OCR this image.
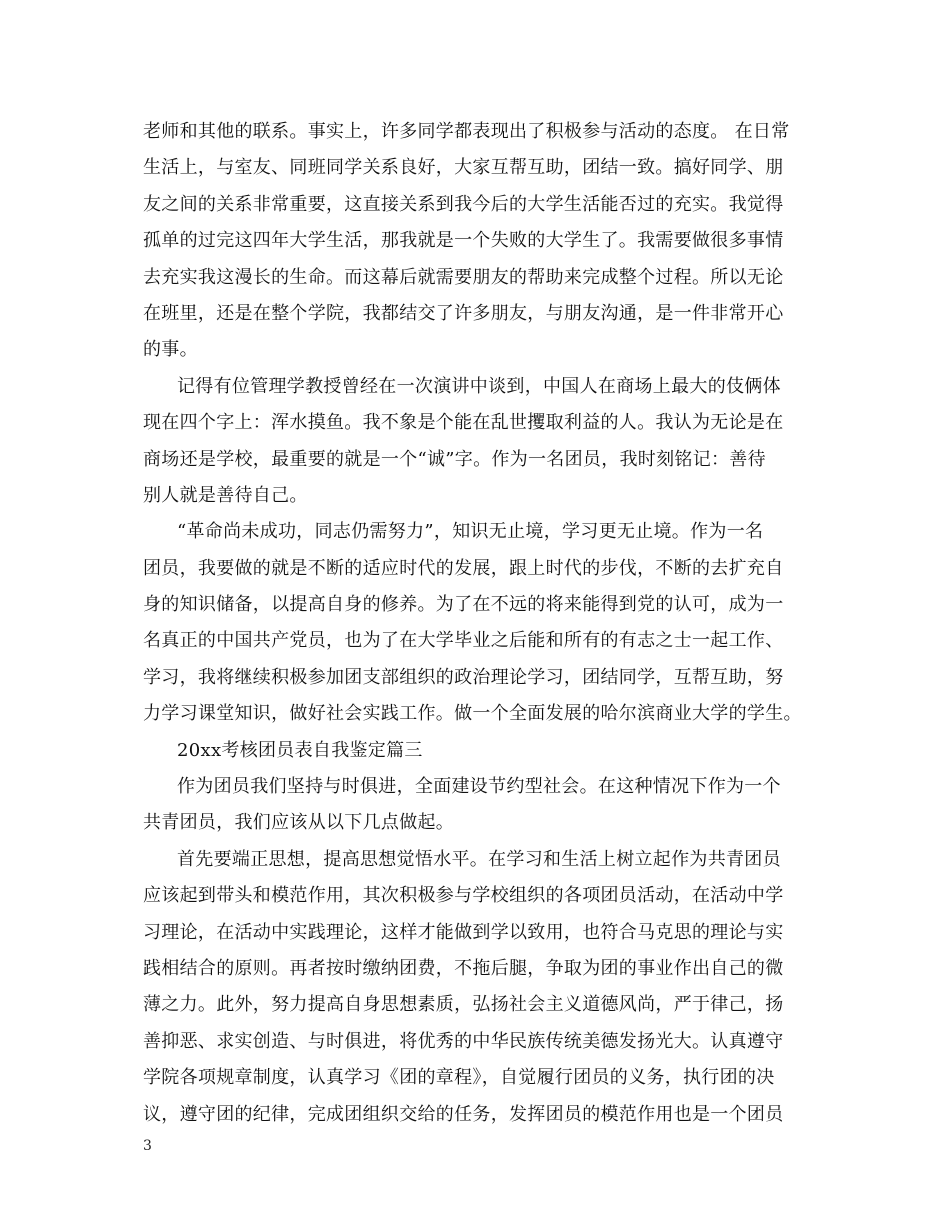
老师和其他的联系。事实上，许多同学都表现出了积极参与活动的态度。 在日常
生活上，与室友、同班同学关系良好，大家互帮互助，团结一致。搞好同学、朋
友之间的关系非常重要，这直接关系到我今后的大学生活能否过的充实。我觉得
孤单的过完这四年大学生活，那我就是一个失败的大学生了。我需要做很多事情
去充实我这漫长的生命。而这幕后就需要朋友的帮助来完成整个过程。所以无论
在班里，还是在整个学院，我都结交了许多朋友，与朋友沟通，是一件非常开心
的事。
记得有位管理学教授曾经在一次演讲中谈到，中国人在商场上最大的伎俩体
现在四个字上：浑水摸鱼。我不象是个能在乱世攫取利益的人。我认为无论是在
商场还是学校，最重要的就是一个“诚”字。作为一名团员，我时刻铭记：善待
别人就是善待自己。
“革命尚未成功，同志仍需努力”，知识无止境，学习更无止境。作为一名
团员，我要做的就是不断的适应时代的发展，跟上时代的步伐，不断的去扩充自
身的知识储备，以提高自身的修养。为了在不远的将来能得到党的认可，成为一
名真正的中国共产党员，也为了在大学毕业之后能和所有的有志之士一起工作、
学习，我将继续积极参加团支部组织的政治理论学习，团结同学，互帮互助，努
力学习课堂知识，做好社会实践工作。做一个全面发展的哈尔滨商业大学的学生。
20xx考核团员表自我鉴定篇三
作为团员我们坚持与时俱进，全面建设节约型社会。在这种情况下作为一个
共青团员，我们应该从以下几点做起。
首先要端正思想，提高思想觉悟水平。在学习和生活上树立起作为共青团员
应该起到带头和模范作用，其次积极参与学校组织的各项团员活动，在活动中学
习理论，在活动中实践理论，这样才能做到学以致用，也符合马克思的理论与实
践相结合的原则。再者按时缴纳团费，不拖后腿，争取为团的事业作出自己的微
薄之力。此外，努力提高自身思想素质，弘扬社会主义道德风尚，严于律己，扬
善抑恶、求实创造、与时俱进，将优秀的中华民族传统美德发扬光大。认真遵守
学院各项规章制度，认真学习《团的章程》，自觉履行团员的义务，执行团的决
议，遵守团的纪律，完成团组织交给的任务，发挥团员的模范作用也是一个团员
3
